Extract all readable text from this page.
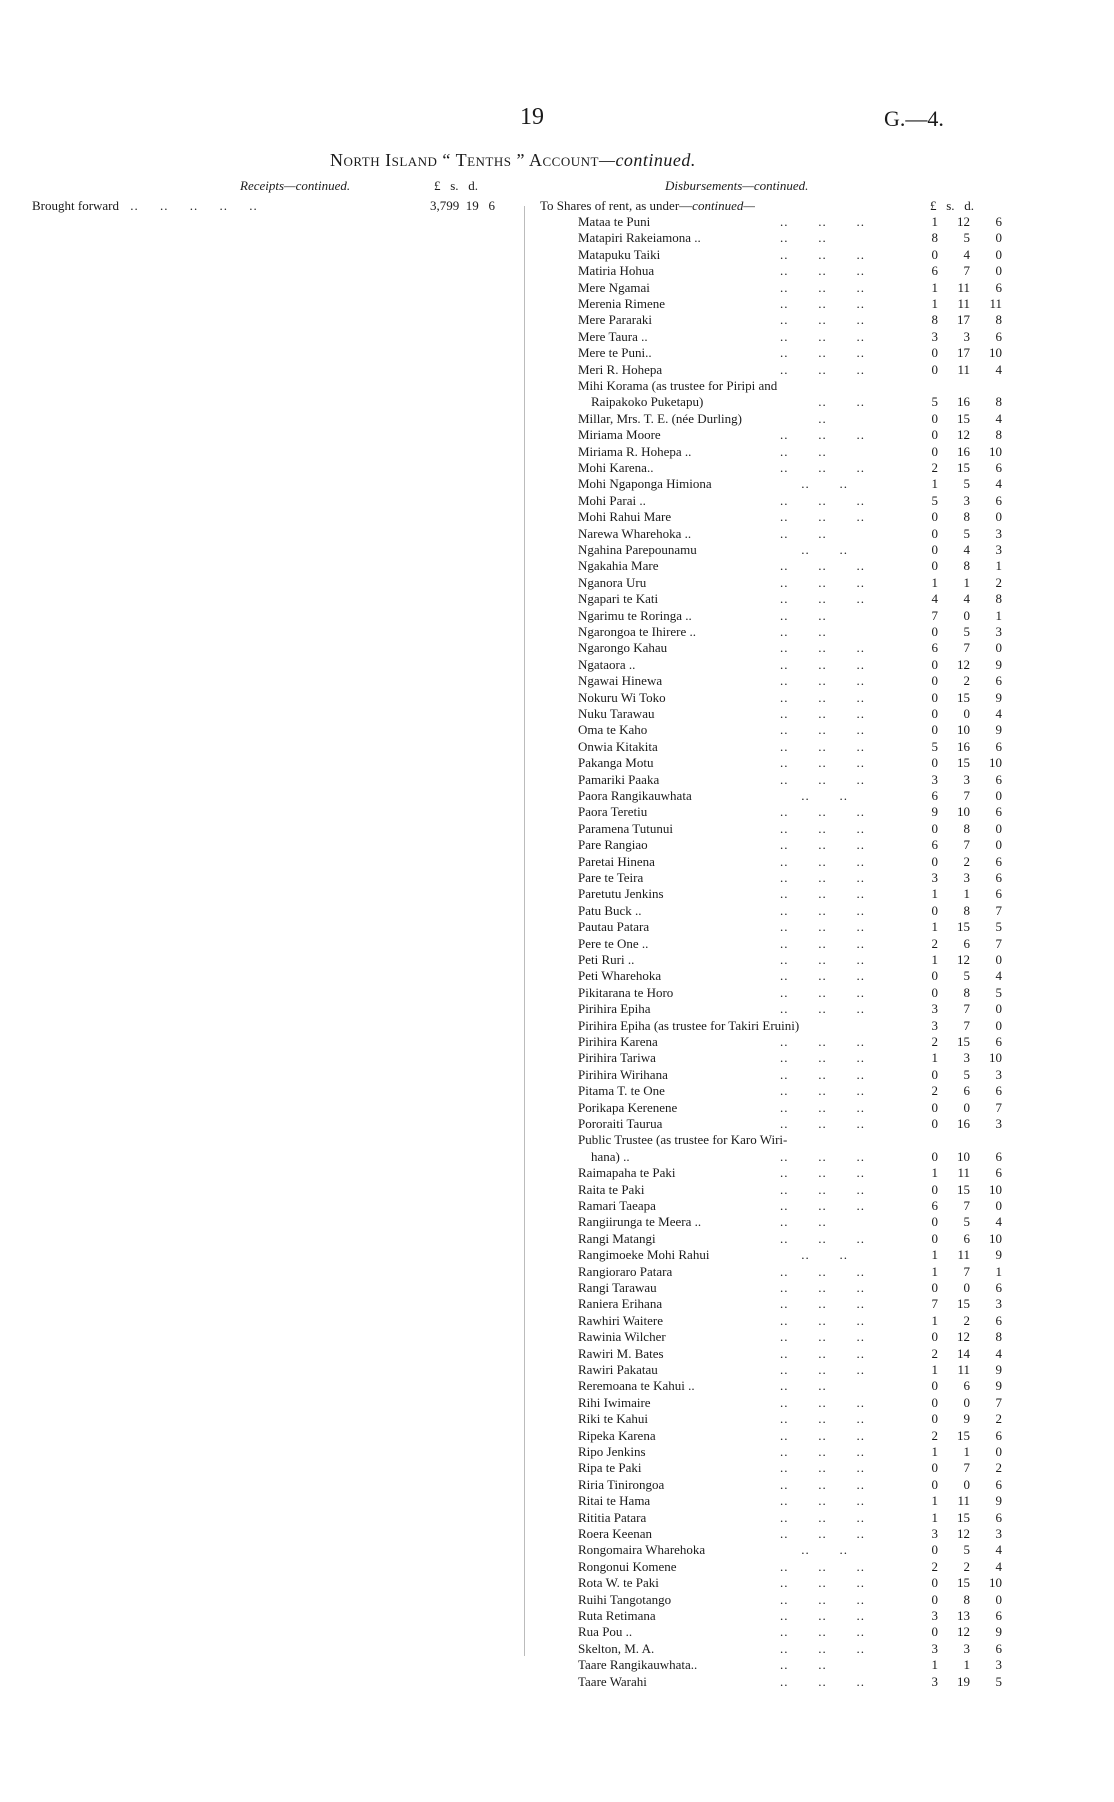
19	G.—4.
North Island “ Tenths ” Account—continued.
Receipts—continued.	£   s.   d.	Disbursements—continued.
Brought forward ..     ..     ..     ..     ..	3,799  19   6	To Shares of rent, as under—continued—	£   s.   d.
Mataa te Puni	..       ..       ..	1	12	6
Matapiri Rakeiamona ..	..       ..	8	5	0
Matapuku Taiki	..       ..       ..	0	4	0
Matiria Hohua	..       ..       ..	6	7	0
Mere Ngamai	..       ..       ..	1	11	6
Merenia Rimene	..       ..       ..	1	11	11
Mere Pararaki	..       ..       ..	8	17	8
Mere Taura ..	..       ..       ..	3	3	6
Mere te Puni..	..       ..       ..	0	17	10
Meri R. Hohepa	..       ..       ..	0	11	4
Mihi Korama (as trustee for Piripi and
Raipakoko Puketapu)	..       ..	5	16	8
Millar, Mrs. T. E. (née Durling)	..	0	15	4
Miriama Moore	..       ..       ..	0	12	8
Miriama R. Hohepa ..	..       ..	0	16	10
Mohi Karena..	..       ..       ..	2	15	6
Mohi Ngaponga Himiona	..       ..	1	5	4
Mohi Parai ..	..       ..       ..	5	3	6
Mohi Rahui Mare	..       ..       ..	0	8	0
Narewa Wharehoka ..	..       ..	0	5	3
Ngahina Parepounamu	..       ..	0	4	3
Ngakahia Mare	..       ..       ..	0	8	1
Nganora Uru	..       ..       ..	1	1	2
Ngapari te Kati	..       ..       ..	4	4	8
Ngarimu te Roringa ..	..       ..	7	0	1
Ngarongoa te Ihirere ..	..       ..	0	5	3
Ngarongo Kahau	..       ..       ..	6	7	0
Ngataora ..	..       ..       ..	0	12	9
Ngawai Hinewa	..       ..       ..	0	2	6
Nokuru Wi Toko	..       ..       ..	0	15	9
Nuku Tarawau	..       ..       ..	0	0	4
Oma te Kaho	..       ..       ..	0	10	9
Onwia Kitakita	..       ..       ..	5	16	6
Pakanga Motu	..       ..       ..	0	15	10
Pamariki Paaka	..       ..       ..	3	3	6
Paora Rangikauwhata	..       ..	6	7	0
Paora Teretiu	..       ..       ..	9	10	6
Paramena Tutunui	..       ..       ..	0	8	0
Pare Rangiao	..       ..       ..	6	7	0
Paretai Hinena	..       ..       ..	0	2	6
Pare te Teira	..       ..       ..	3	3	6
Paretutu Jenkins	..       ..       ..	1	1	6
Patu Buck ..	..       ..       ..	0	8	7
Pautau Patara	..       ..       ..	1	15	5
Pere te One ..	..       ..       ..	2	6	7
Peti Ruri ..	..       ..       ..	1	12	0
Peti Wharehoka	..       ..       ..	0	5	4
Pikitarana te Horo	..       ..       ..	0	8	5
Pirihira Epiha	..       ..       ..	3	7	0
Pirihira Epiha (as trustee for Takiri Eruini)	3	7	0
Pirihira Karena	..       ..       ..	2	15	6
Pirihira Tariwa	..       ..       ..	1	3	10
Pirihira Wirihana	..       ..       ..	0	5	3
Pitama T. te One	..       ..       ..	2	6	6
Porikapa Kerenene	..       ..       ..	0	0	7
Pororaiti Taurua	..       ..       ..	0	16	3
Public Trustee (as trustee for Karo Wiri-
hana) ..	..       ..       ..	0	10	6
Raimapaha te Paki	..       ..       ..	1	11	6
Raita te Paki	..       ..       ..	0	15	10
Ramari Taeapa	..       ..       ..	6	7	0
Rangiirunga te Meera ..	..       ..	0	5	4
Rangi Matangi	..       ..       ..	0	6	10
Rangimoeke Mohi Rahui	..       ..	1	11	9
Rangioraro Patara	..       ..       ..	1	7	1
Rangi Tarawau	..       ..       ..	0	0	6
Raniera Erihana	..       ..       ..	7	15	3
Rawhiri Waitere	..       ..       ..	1	2	6
Rawinia Wilcher	..       ..       ..	0	12	8
Rawiri M. Bates	..       ..       ..	2	14	4
Rawiri Pakatau	..       ..       ..	1	11	9
Reremoana te Kahui ..	..       ..	0	6	9
Rihi Iwimaire	..       ..       ..	0	0	7
Riki te Kahui	..       ..       ..	0	9	2
Ripeka Karena	..       ..       ..	2	15	6
Ripo Jenkins	..       ..       ..	1	1	0
Ripa te Paki	..       ..       ..	0	7	2
Riria Tinirongoa	..       ..       ..	0	0	6
Ritai te Hama	..       ..       ..	1	11	9
Rititia Patara	..       ..       ..	1	15	6
Roera Keenan	..       ..       ..	3	12	3
Rongomaira Wharehoka	..       ..	0	5	4
Rongonui Komene	..       ..       ..	2	2	4
Rota W. te Paki	..       ..       ..	0	15	10
Ruihi Tangotango	..       ..       ..	0	8	0
Ruta Retimana	..       ..       ..	3	13	6
Rua Pou ..	..       ..       ..	0	12	9
Skelton, M. A.	..       ..       ..	3	3	6
Taare Rangikauwhata..	..       ..	1	1	3
Taare Warahi	..       ..       ..	3	19	5
